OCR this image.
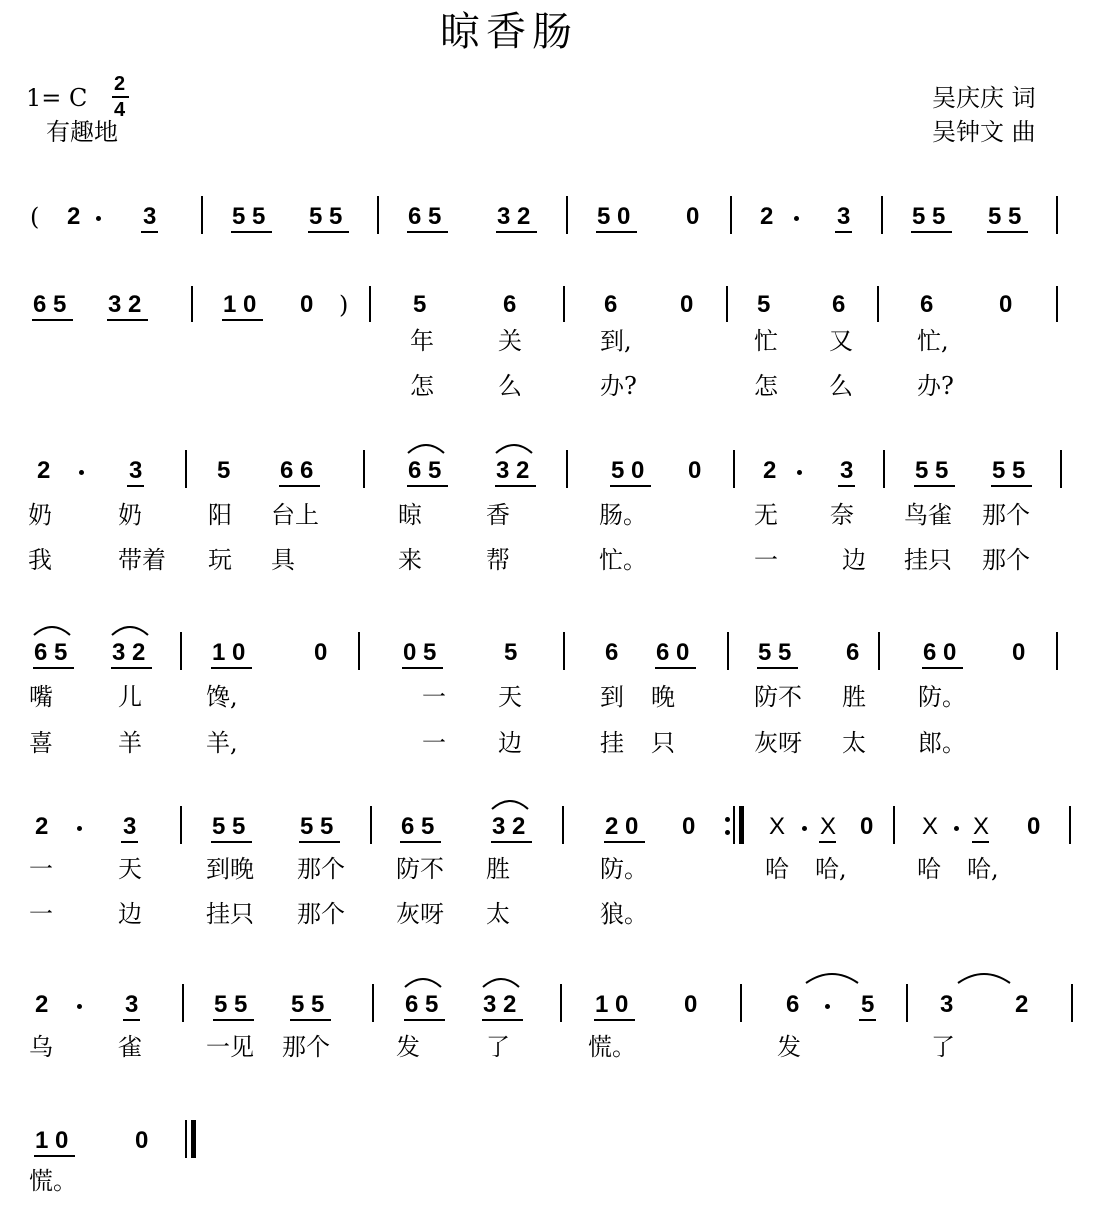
晾香肠
1= C 2
4
有趣地
吴庆庆 词
吴钟文 曲
( 2	3	5 5 5 5	6 5 3 2	5 0 0	2	3	5 5 5 5
6 5 3 2	1 0 0 )	5	6	6	0	5	6	6	0
年	关	到,	忙 又	忙,
怎	么	办?	怎 么	办?
2	3	5 6 6	6 5 3 2	5 0 0	2	3	5 5 5 5
奶	奶	阳 台上	晾	香	肠。	无 奈 鸟雀 那个
我	带着 玩 具	来	帮	忙。	一	边 挂只 那个
6 5 3 2	1 0	0	0 5	5	6 6 0	5 5 6	6 0 0
嘴	儿	馋,	一 天	到 晚	防不 胜 防。
喜	羊	羊,	一 边	挂 只	灰呀 太 郎。
2	3	5 5 5 5	6 5 3 2	2 0 0	X X 0 X X 0
一	天	到晚 那个 防不 胜	防。	哈 哈,	哈 哈,
一	边	挂只 那个 灰呀 太	狼。
2	3	5 5 5 5	6 5 3 2	1 0 0	6	5	3	2
乌	雀	一见 那个	发	了	慌。	发	了
1 0	0
慌。
